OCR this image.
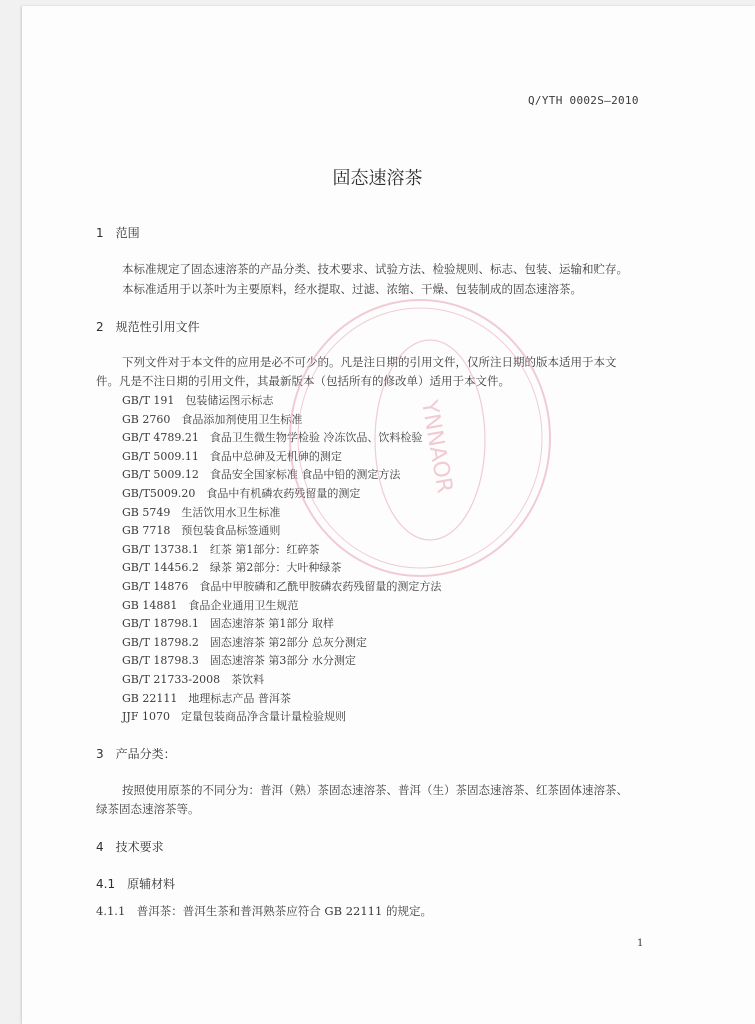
Q/YTH 0002S—2010
固态速溶茶
1　范围
本标准规定了固态速溶茶的产品分类、技术要求、试验方法、检验规则、标志、包装、运输和贮存。
本标准适用于以茶叶为主要原料，经水提取、过滤、浓缩、干燥、包装制成的固态速溶茶。
2　规范性引用文件
下列文件对于本文件的应用是必不可少的。凡是注日期的引用文件，仅所注日期的版本适用于本文
件。凡是不注日期的引用文件，其最新版本（包括所有的修改单）适用于本文件。
GB/T 191　包装储运图示标志
GB 2760　食品添加剂使用卫生标准
GB/T 4789.21　食品卫生微生物学检验 冷冻饮品、饮料检验
GB/T 5009.11　食品中总砷及无机砷的测定
GB/T 5009.12　食品安全国家标准 食品中铅的测定方法
GB/T5009.20　食品中有机磷农药残留量的测定
GB 5749　生活饮用水卫生标准
GB 7718　预包装食品标签通则
GB/T 13738.1　红茶 第1部分：红碎茶
GB/T 14456.2　绿茶 第2部分：大叶种绿茶
GB/T 14876　食品中甲胺磷和乙酰甲胺磷农药残留量的测定方法
GB 14881　食品企业通用卫生规范
GB/T 18798.1　固态速溶茶 第1部分 取样
GB/T 18798.2　固态速溶茶 第2部分 总灰分测定
GB/T 18798.3　固态速溶茶 第3部分 水分测定
GB/T 21733-2008　茶饮料
GB 22111　地理标志产品 普洱茶
JJF 1070　定量包装商品净含量计量检验规则
3　产品分类：
按照使用原茶的不同分为：普洱（熟）茶固态速溶茶、普洱（生）茶固态速溶茶、红茶固体速溶茶、
绿茶固态速溶茶等。
4　技术要求
4.1　原辅材料
4.1.1　普洱茶：普洱生茶和普洱熟茶应符合 GB 22111 的规定。
1
YNNAOR
